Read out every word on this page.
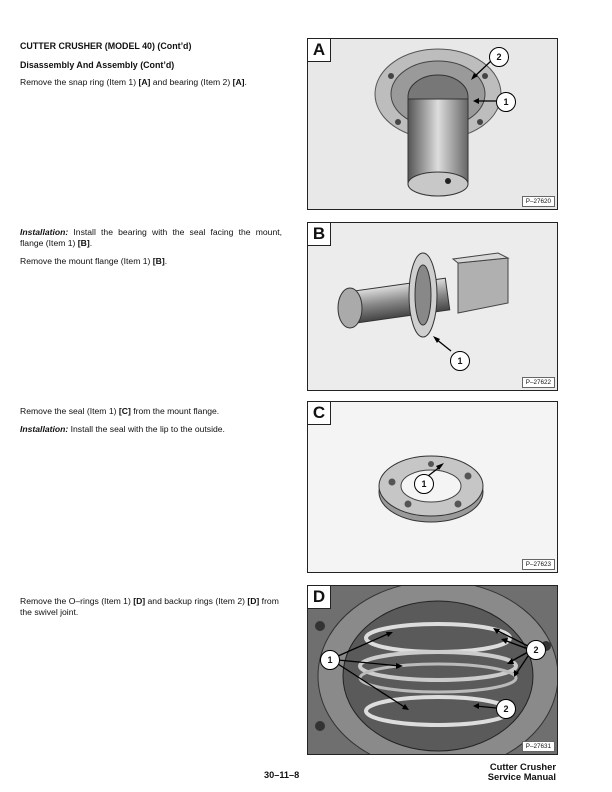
CUTTER CRUSHER (MODEL 40) (Cont’d)
Disassembly And Assembly (Cont’d)

Remove the snap ring (Item 1) [A] and bearing (Item 2) [A].

Installation: Install the bearing with the seal facing the mount, flange (Item 1) [B].

Remove the mount flange (Item 1) [B].

Remove the seal (Item 1) [C] from the mount flange.

Installation: Install the seal with the lip to the outside.

Remove the O–rings (Item 1) [D] and backup rings (Item 2) [D] from the swivel joint.

A	2
1
P–27620
B
1
P–27622
C
1
P–27623
D
1
2
2
P–27631
30–11–8
Cutter Crusher
Service Manual
